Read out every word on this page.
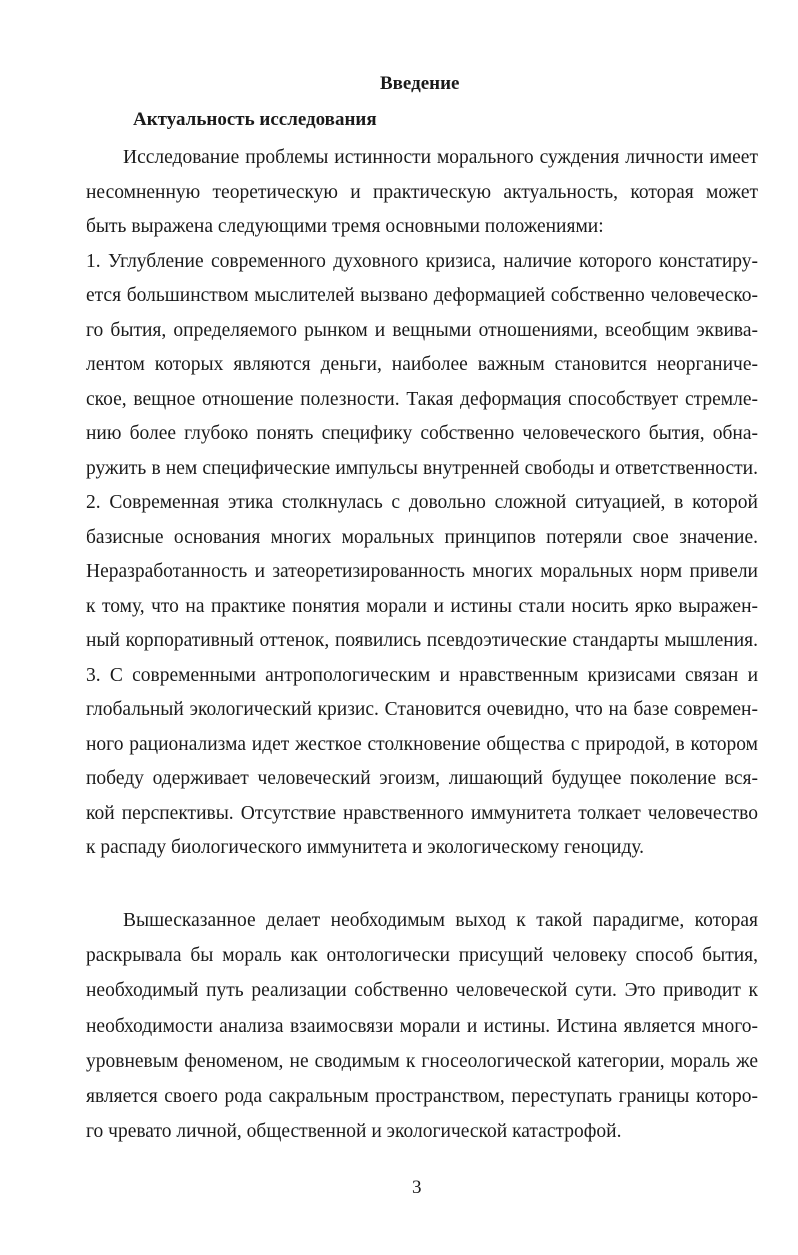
Введение
Актуальность исследования
Исследование проблемы истинности морального суждения личности имеет
несомненную теоретическую и практическую актуальность, которая может
быть выражена следующими тремя основными положениями:
1. Углубление современного духовного кризиса, наличие которого констатиру-
ется большинством мыслителей вызвано деформацией собственно человеческо-
го бытия, определяемого рынком и вещными отношениями, всеобщим эквива-
лентом которых являются деньги, наиболее важным становится неорганиче-
ское, вещное отношение полезности. Такая деформация способствует стремле-
нию более глубоко понять специфику собственно человеческого бытия, обна-
ружить в нем специфические импульсы внутренней свободы и ответственности.
2. Современная этика столкнулась с довольно сложной ситуацией, в которой
базисные основания многих моральных принципов потеряли свое значение.
Неразработанность и затеоретизированность многих моральных норм привели
к тому, что на практике понятия морали и истины стали носить ярко выражен-
ный корпоративный оттенок, появились псевдоэтические стандарты мышления.
3. С современными антропологическим и нравственным кризисами связан и
глобальный экологический кризис. Становится очевидно, что на базе современ-
ного рационализма идет жесткое столкновение общества с природой, в котором
победу одерживает человеческий эгоизм, лишающий будущее поколение вся-
кой перспективы. Отсутствие нравственного иммунитета толкает человечество
к распаду биологического иммунитета и экологическому геноциду.
Вышесказанное делает необходимым выход к такой парадигме, которая
раскрывала бы мораль как онтологически присущий человеку способ бытия,
необходимый путь реализации собственно человеческой сути. Это приводит к
необходимости анализа взаимосвязи морали и истины. Истина является много-
уровневым феноменом, не сводимым к гносеологической категории, мораль же
является своего рода сакральным пространством, переступать границы которо-
го чревато личной, общественной и экологической катастрофой.
3
